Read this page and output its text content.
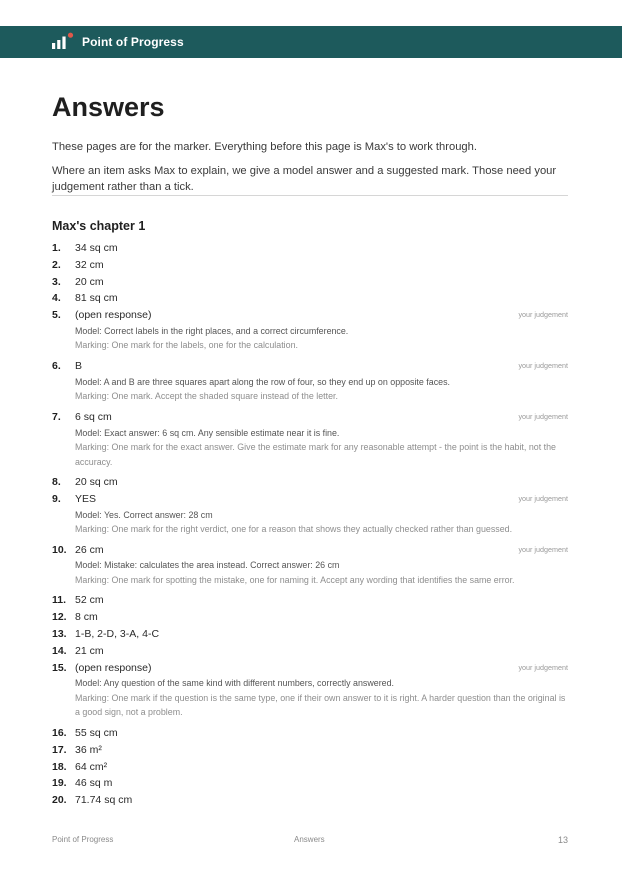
Point of Progress
Answers

These pages are for the marker. Everything before this page is Max's to work through.

Where an item asks Max to explain, we give a model answer and a suggested mark. Those need your judgement rather than a tick.

Max's chapter 1
1. 34 sq cm
2. 32 cm
3. 20 cm
4. 81 sq cm
5. (open response)	your judgement
Model: Correct labels in the right places, and a correct circumference.
Marking: One mark for the labels, one for the calculation.
6. B	your judgement
Model: A and B are three squares apart along the row of four, so they end up on opposite faces.
Marking: One mark. Accept the shaded square instead of the letter.
7. 6 sq cm	your judgement
Model: Exact answer: 6 sq cm. Any sensible estimate near it is fine.
Marking: One mark for the exact answer. Give the estimate mark for any reasonable attempt - the point is the habit, not the accuracy.
8. 20 sq cm
9. YES	your judgement
Model: Yes. Correct answer: 28 cm
Marking: One mark for the right verdict, one for a reason that shows they actually checked rather than guessed.
10. 26 cm	your judgement
Model: Mistake: calculates the area instead. Correct answer: 26 cm
Marking: One mark for spotting the mistake, one for naming it. Accept any wording that identifies the same error.
11. 52 cm
12. 8 cm
13. 1-B, 2-D, 3-A, 4-C
14. 21 cm
15. (open response)	your judgement
Model: Any question of the same kind with different numbers, correctly answered.
Marking: One mark if the question is the same type, one if their own answer to it is right. A harder question than the original is a good sign, not a problem.
16. 55 sq cm
17. 36 m²
18. 64 cm²
19. 46 sq m
20. 71.74 sq cm
Point of Progress	Answers	13
